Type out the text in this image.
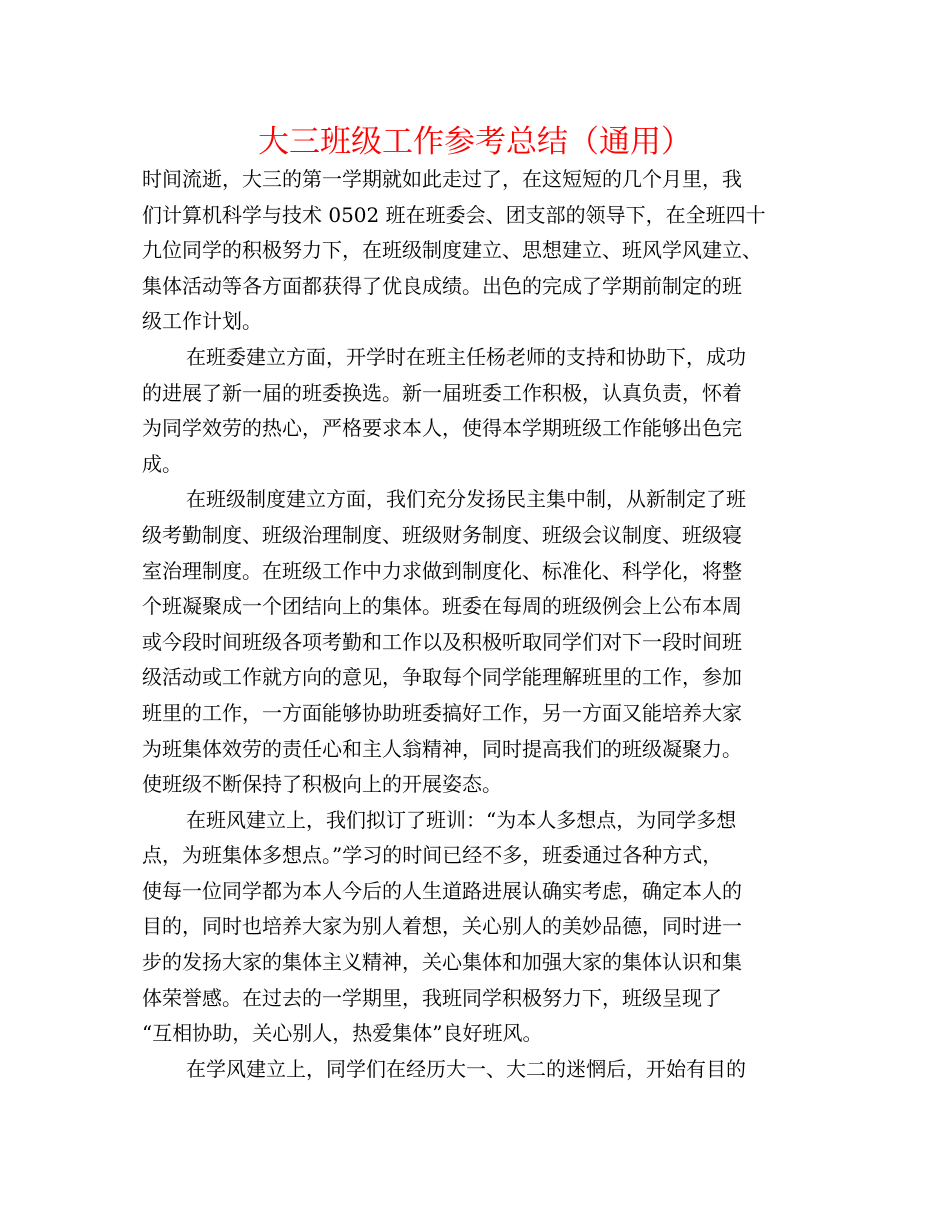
大三班级工作参考总结（通用）
时间流逝，大三的第一学期就如此走过了，在这短短的几个月里，我
们计算机科学与技术 0502 班在班委会、团支部的领导下，在全班四十
九位同学的积极努力下，在班级制度建立、思想建立、班风学风建立、
集体活动等各方面都获得了优良成绩。出色的完成了学期前制定的班
级工作计划。
在班委建立方面，开学时在班主任杨老师的支持和协助下，成功
的进展了新一届的班委换选。新一届班委工作积极，认真负责，怀着
为同学效劳的热心，严格要求本人，使得本学期班级工作能够出色完
成。
在班级制度建立方面，我们充分发扬民主集中制，从新制定了班
级考勤制度、班级治理制度、班级财务制度、班级会议制度、班级寝
室治理制度。在班级工作中力求做到制度化、标准化、科学化，将整
个班凝聚成一个团结向上的集体。班委在每周的班级例会上公布本周
或今段时间班级各项考勤和工作以及积极听取同学们对下一段时间班
级活动或工作就方向的意见，争取每个同学能理解班里的工作，参加
班里的工作，一方面能够协助班委搞好工作，另一方面又能培养大家
为班集体效劳的责任心和主人翁精神，同时提高我们的班级凝聚力。
使班级不断保持了积极向上的开展姿态。
在班风建立上，我们拟订了班训：“为本人多想点，为同学多想
点，为班集体多想点。”学习的时间已经不多，班委通过各种方式，
使每一位同学都为本人今后的人生道路进展认确实考虑，确定本人的
目的，同时也培养大家为别人着想，关心别人的美妙品德，同时进一
步的发扬大家的集体主义精神，关心集体和加强大家的集体认识和集
体荣誉感。在过去的一学期里，我班同学积极努力下，班级呈现了
“互相协助，关心别人，热爱集体”良好班风。
在学风建立上，同学们在经历大一、大二的迷惘后，开始有目的
